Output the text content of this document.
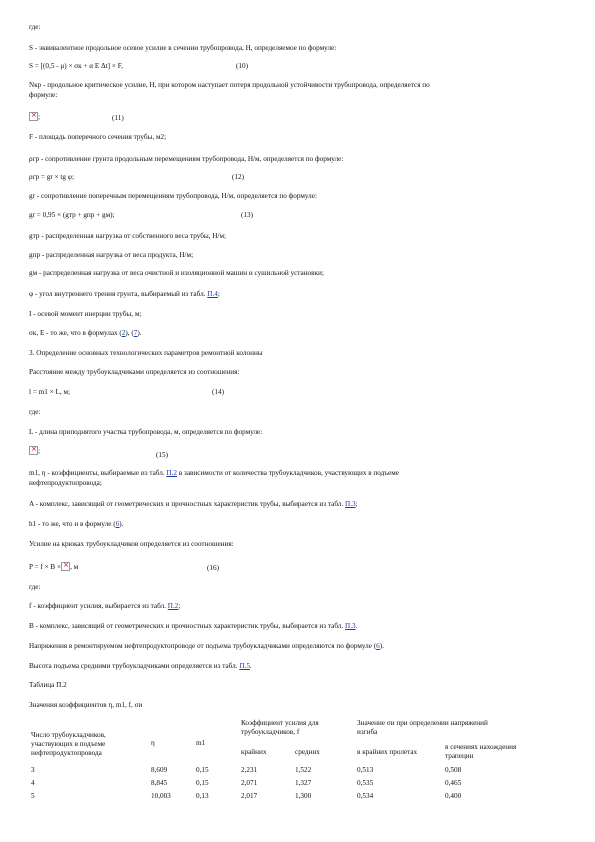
где:
S - эквивалентное продольное осевое усилие в сечении трубопровода, Н, определяемое по формуле:
S = [(0,5 - μ) × σк + α E Δt] × F,	(10)
Nкр - продольное критическое усилие, Н, при котором наступает потеря продольной устойчивости трубопровода, определяется по
формуле:
×;	(11)
F - площадь поперечного сечения трубы, м2;
ρгр - сопротивление грунта продольным перемещениям трубопровода, Н/м, определяется по формуле:
ρгр = gr × tg φ;	(12)
gr - сопротивление поперечным перемещениям трубопровода, Н/м, определяется по формуле:
gr = 0,95 × (gтр + gпр + gм);	(13)
gтр - распределенная нагрузка от собственного веса трубы, Н/м;
gпр - распределенная нагрузка от веса продукта, Н/м;
gм - распределенная нагрузка от веса очистной и изоляционной машин и сушильной установки;
φ - угол внутреннего трения грунта, выбираемый из табл. П.4;
I - осевой момент инерции трубы, м;
σк, E - то же, что в формулах (2), (7).
3. Определение основных технологических параметров ремонтной колонны
Расстояние между трубоукладчиками определяется из соотношения:
l = m1 × L, м;	(14)
где:
L - длина приподнятого участка трубопровода, м, определяется по формуле:
×;	(15)
m1, η - коэффициенты, выбираемые из табл. П.2 в зависимости от количества трубоукладчиков, участвующих в подъеме
нефтепродуктопровода;
A - комплекс, зависящий от геометрических и прочностных характеристик трубы, выбирается из табл. П.3;
h1 - то же, что и в формуле (6).
Усилие на крюках трубоукладчиков определяется из соотношения:
P = f × B ×× , м	(16)
где:
f - коэффициент усилия, выбирается из табл. П.2;
B - комплекс, зависящий от геометрических и прочностных характеристик трубы, выбирается из табл. П.3.
Напряжения в ремонтируемом нефтепродуктопроводе от подъема трубоукладчиками определяются по формуле (6).
Высота подъема средними трубоукладчиками определяется из табл. П.5.
Таблица П.2
Значения коэффициентов η, m1, f, σи
Число трубоукладчиков,
участвующих в подъеме
нефтепродуктопровода
η	m1
Коэффициент усилия для
трубоукладчиков, f
крайних	средних
Значение σи при определении напряжений
изгиба
в крайних пролетах
в сечениях нахождения
трапеции
3	8,609	0,15	2,231	1,522	0,513	0,508
4	8,845	0,15	2,071	1,327	0,535	0,465
5	10,003	0,13	2,017	1,300	0,534	0,400
